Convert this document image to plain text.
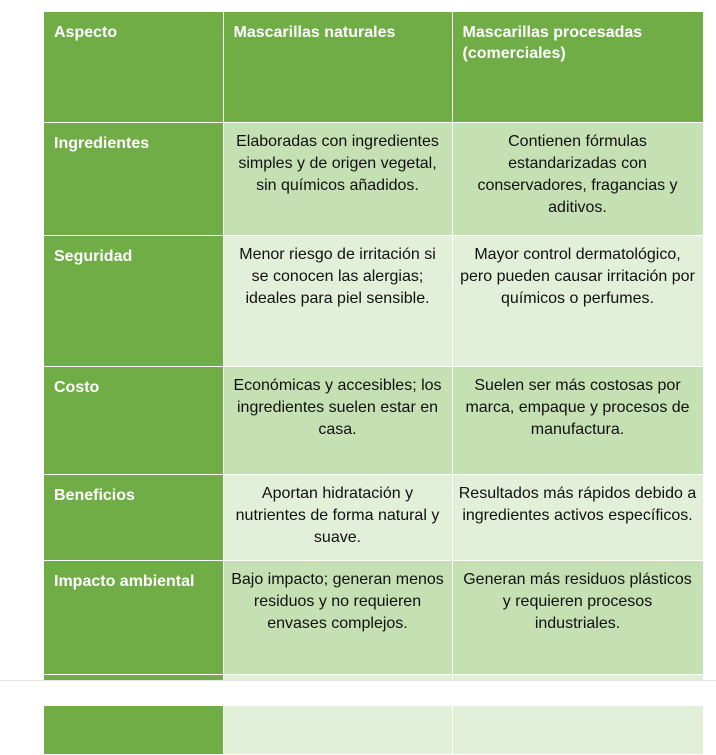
Aspecto	Mascarillas naturales	Mascarillas procesadas (comerciales)
Ingredientes	Elaboradas con ingredientes simples y de origen vegetal, sin químicos añadidos.	Contienen fórmulas estandarizadas con conservadores, fragancias y aditivos.
Seguridad	Menor riesgo de irritación si se conocen las alergias; ideales para piel sensible.	Mayor control dermatológico, pero pueden causar irritación por químicos o perfumes.
Costo	Económicas y accesibles; los ingredientes suelen estar en casa.	Suelen ser más costosas por marca, empaque y procesos de manufactura.
Beneficios	Aportan hidratación y nutrientes de forma natural y suave.	Resultados más rápidos debido a ingredientes activos específicos.
Impacto ambiental	Bajo impacto; generan menos residuos y no requieren envases complejos.	Generan más residuos plásticos y requieren procesos industriales.
